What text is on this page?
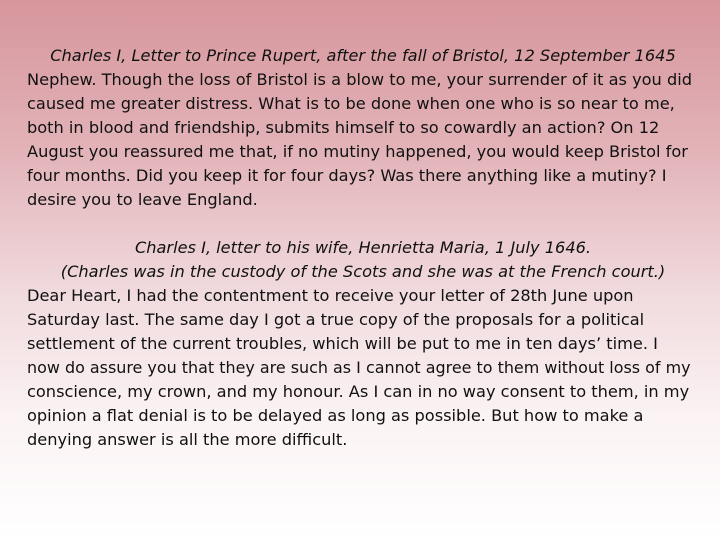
Charles I, Letter to Prince Rupert, after the fall of Bristol, 12 September 1645
Nephew. Though the loss of Bristol is a blow to me, your surrender of it as you did
caused me greater distress. What is to be done when one who is so near to me,
both in blood and friendship, submits himself to so cowardly an action? On 12
August you reassured me that, if no mutiny happened, you would keep Bristol for
four months. Did you keep it for four days? Was there anything like a mutiny? I
desire you to leave England.
Charles I, letter to his wife, Henrietta Maria, 1 July 1646.
(Charles was in the custody of the Scots and she was at the French court.)
Dear Heart, I had the contentment to receive your letter of 28th June upon
Saturday last. The same day I got a true copy of the proposals for a political
settlement of the current troubles, which will be put to me in ten days’ time. I
now do assure you that they are such as I cannot agree to them without loss of my
conscience, my crown, and my honour. As I can in no way consent to them, in my
opinion a flat denial is to be delayed as long as possible. But how to make a
denying answer is all the more difficult.
